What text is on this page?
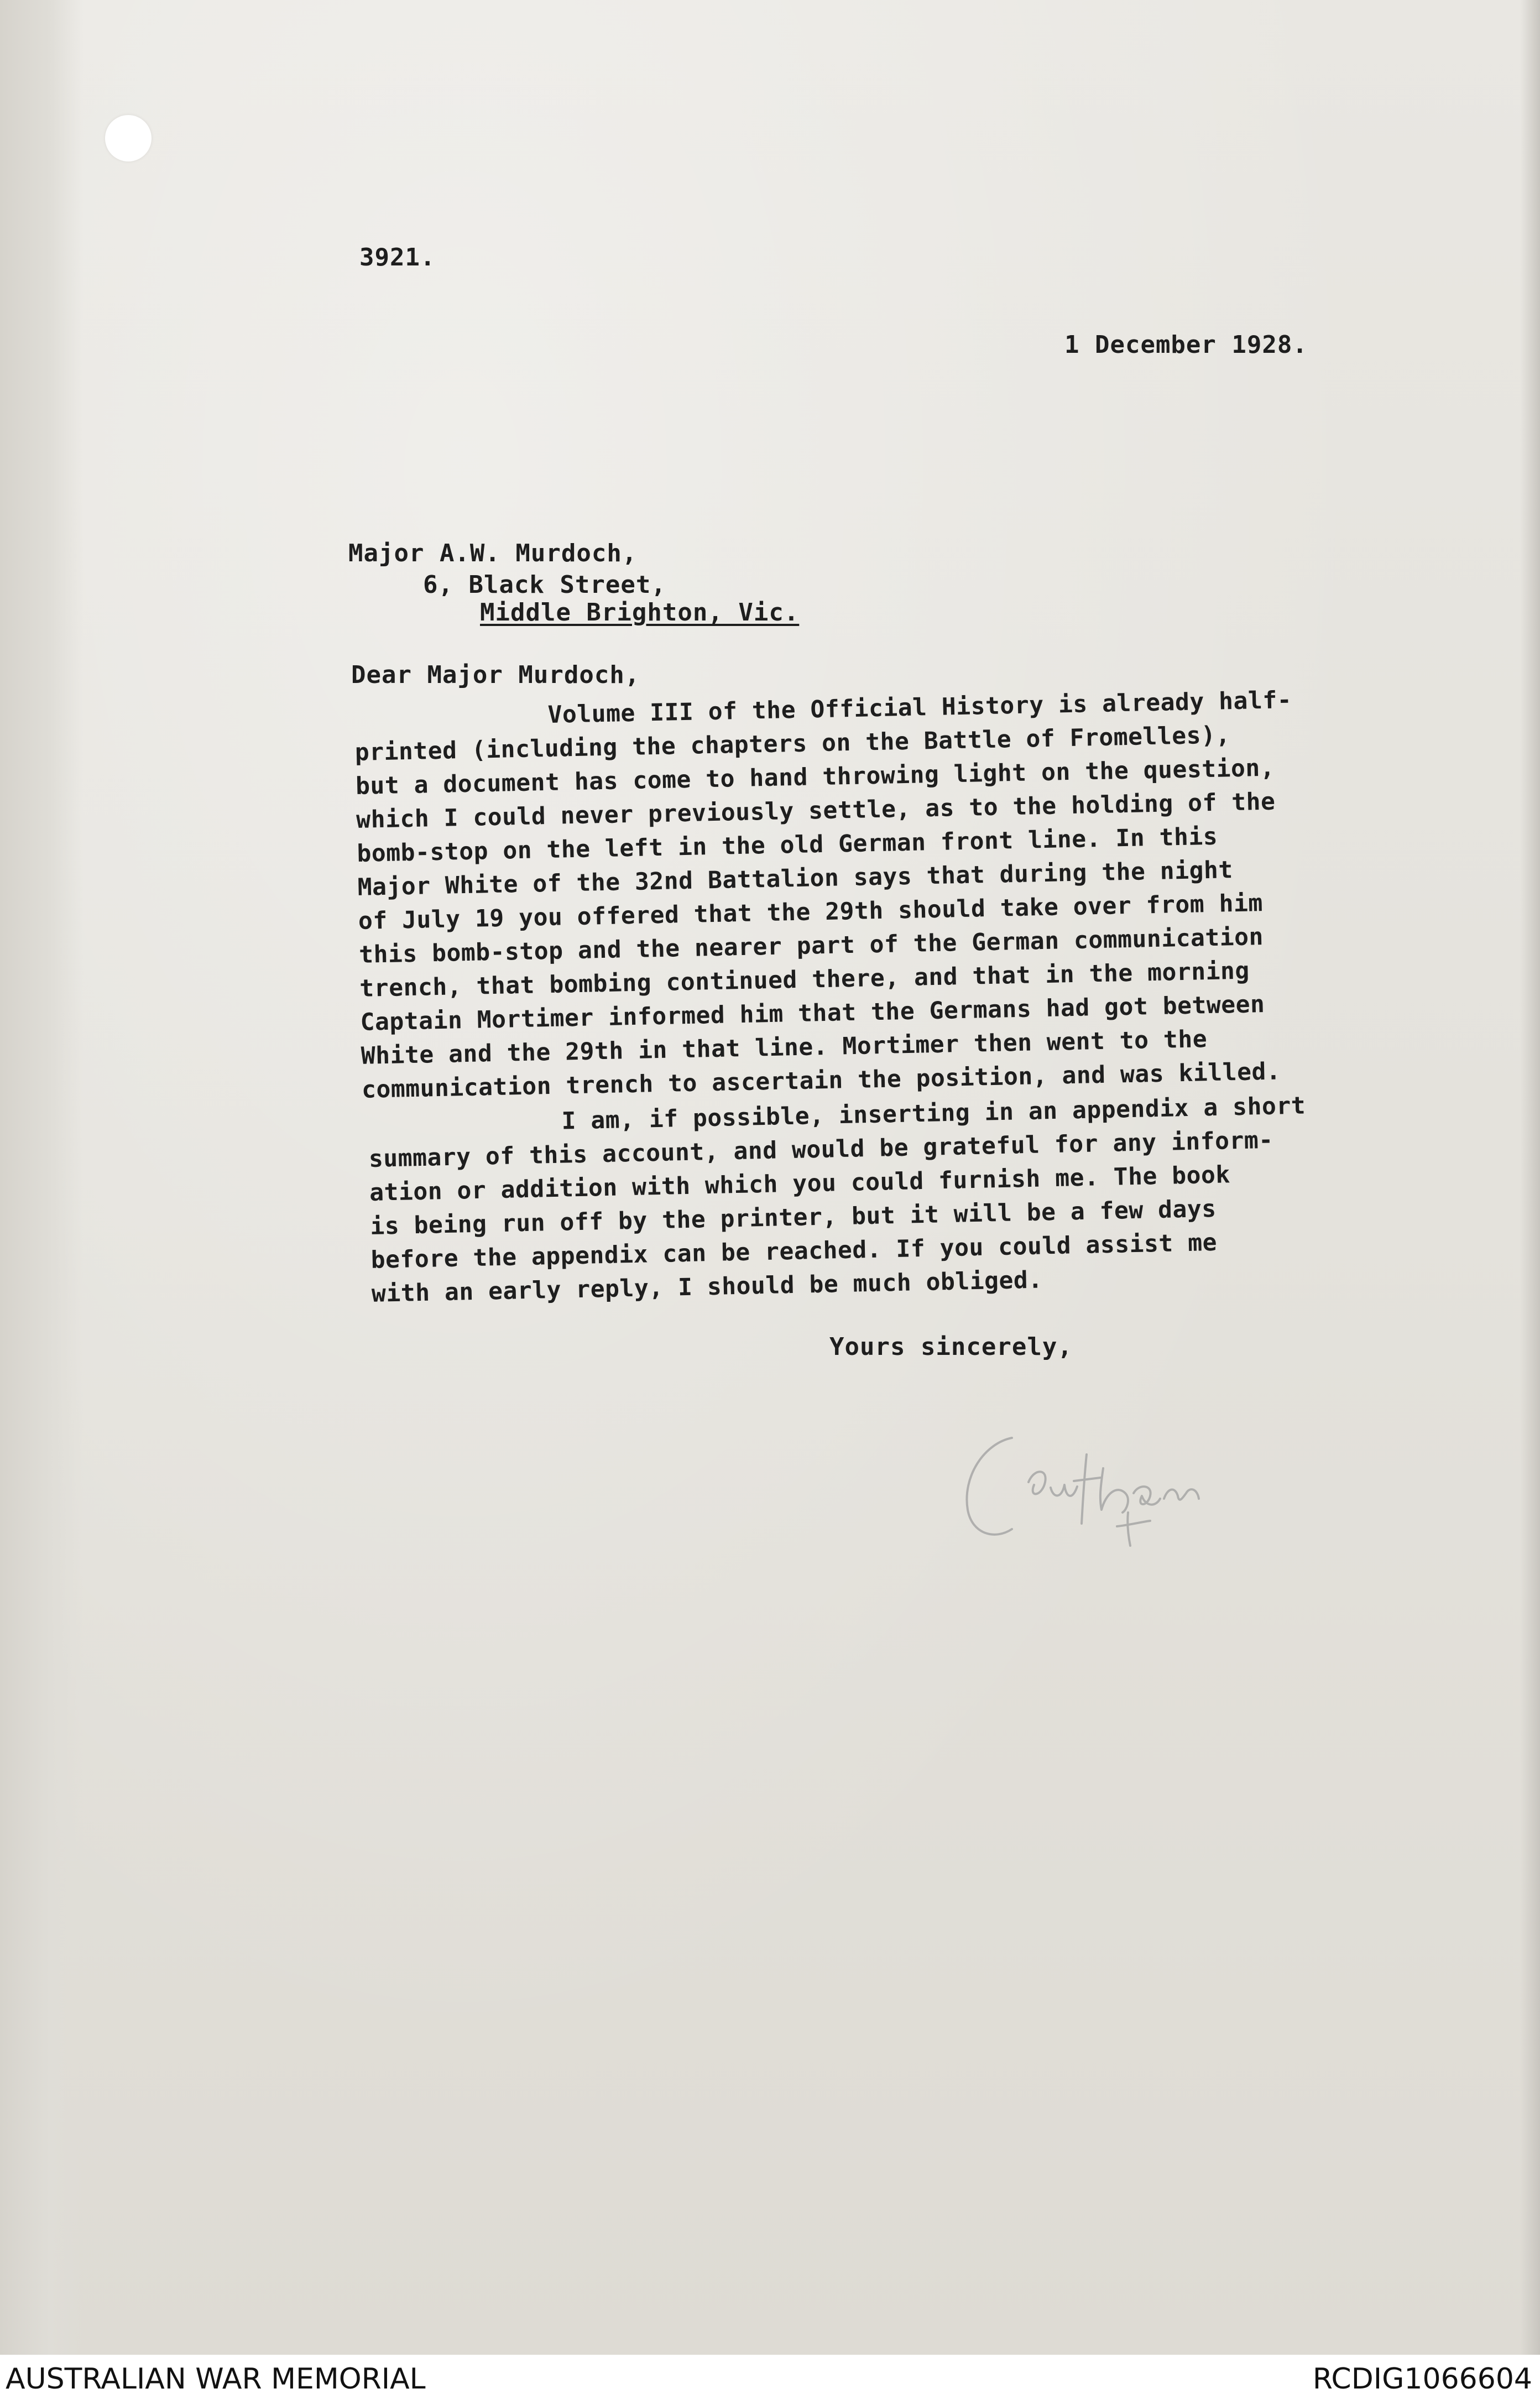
3921.
1 December 1928.
Major A.W. Murdoch,
6, Black Street,
Middle Brighton, Vic.
Dear Major Murdoch,
Volume III of the Official History is already half-
printed (including the chapters on the Battle of Fromelles),
but a document has come to hand throwing light on the question,
which I could never previously settle, as to the holding of the
bomb-stop on the left in the old German front line. In this
Major White of the 32nd Battalion says that during the night
of July 19 you offered that the 29th should take over from him
this bomb-stop and the nearer part of the German communication
trench, that bombing continued there, and that in the morning
Captain Mortimer informed him that the Germans had got between
White and the 29th in that line. Mortimer then went to the
communication trench to ascertain the position, and was killed.
I am, if possible, inserting in an appendix a short
summary of this account, and would be grateful for any inform-
ation or addition with which you could furnish me. The book
is being run off by the printer, but it will be a few days
before the appendix can be reached. If you could assist me
with an early reply, I should be much obliged.
Yours sincerely,
AUSTRALIAN WAR MEMORIAL	RCDIG1066604
